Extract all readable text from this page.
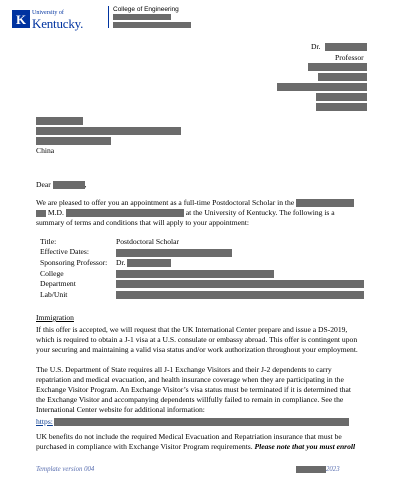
K University of
Kentucky.
College of Engineering
Dr.
Professor
China
Dear	,
We are pleased to offer you an appointment as a full-time Postdoctoral Scholar in the
M.D.	at the University of Kentucky. The following is a
summary of terms and conditions that will apply to your appointment:
Title:	Postdoctoral Scholar
Effective Dates:	
Sponsoring Professor:	Dr.
College	
Department	
Lab/Unit	
Immigration
If this offer is accepted, we will request that the UK International Center prepare and issue a DS-2019,
which is required to obtain a J-1 visa at a U.S. consulate or embassy abroad. This offer is contingent upon
your securing and maintaining a valid visa status and/or work authorization throughout your employment.
The U.S. Department of State requires all J-1 Exchange Visitors and their J-2 dependents to carry
repatriation and medical evacuation, and health insurance coverage when they are participating in the
Exchange Visitor Program. An Exchange Visitor’s visa status must be terminated if it is determined that
the Exchange Visitor and accompanying dependents willfully failed to remain in compliance. See the
International Center website for additional information:
https:
UK benefits do not include the required Medical Evacuation and Repatriation insurance that must be
purchased in compliance with Exchange Visitor Program requirements. Please note that you must enroll
Template version 004	2023
